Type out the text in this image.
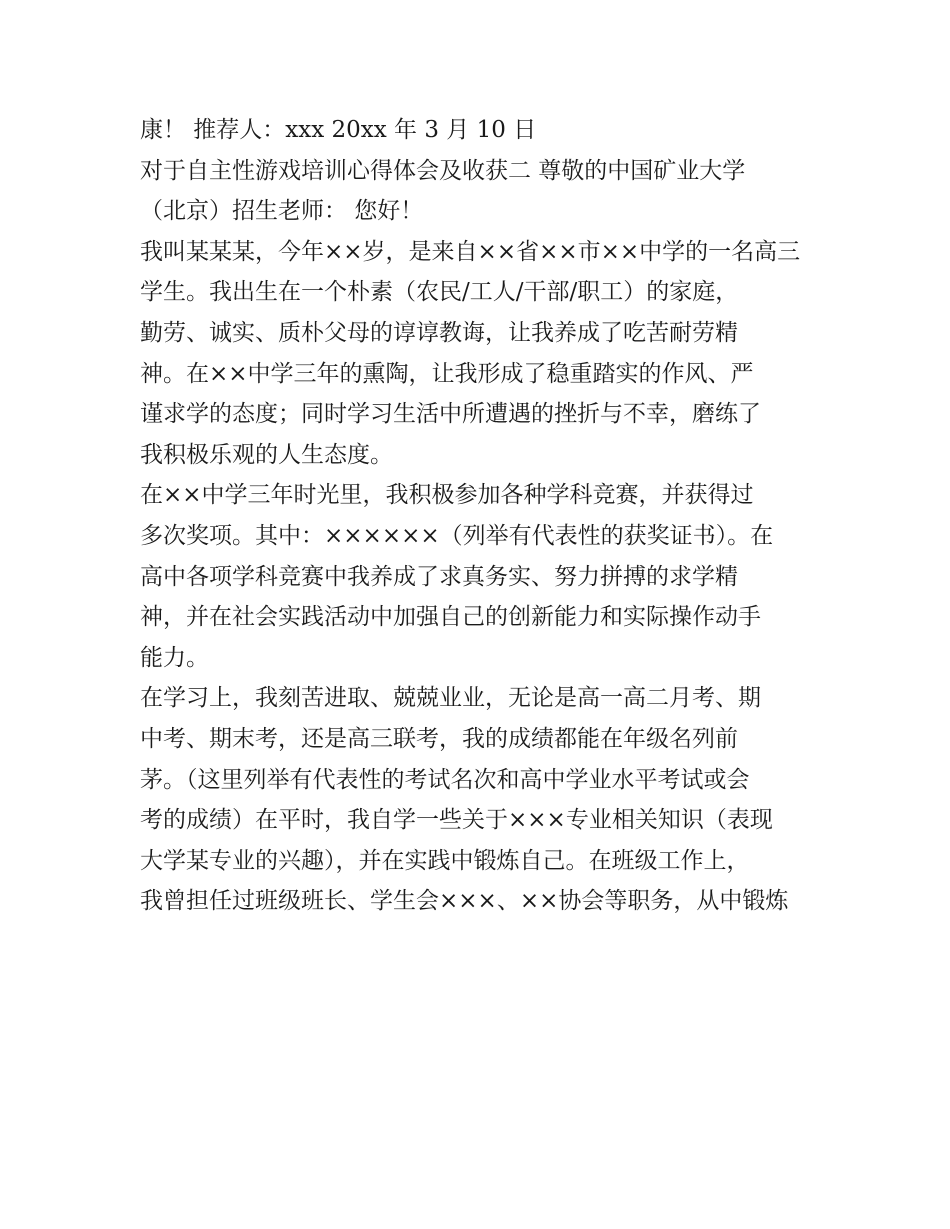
康！ 推荐人：xxx 20xx 年 3 月 10 日
对于自主性游戏培训心得体会及收获二 尊敬的中国矿业大学
（北京）招生老师： 您好！
我叫某某某，今年××岁，是来自××省××市××中学的一名高三
学生。我出生在一个朴素（农民/工人/干部/职工）的家庭，
勤劳、诚实、质朴父母的谆谆教诲，让我养成了吃苦耐劳精
神。在××中学三年的熏陶，让我形成了稳重踏实的作风、严
谨求学的态度；同时学习生活中所遭遇的挫折与不幸，磨练了
我积极乐观的人生态度。
在××中学三年时光里，我积极参加各种学科竞赛，并获得过
多次奖项。其中：××××××（列举有代表性的获奖证书）。在
高中各项学科竞赛中我养成了求真务实、努力拼搏的求学精
神，并在社会实践活动中加强自己的创新能力和实际操作动手
能力。
在学习上，我刻苦进取、兢兢业业，无论是高一高二月考、期
中考、期末考，还是高三联考，我的成绩都能在年级名列前
茅。（这里列举有代表性的考试名次和高中学业水平考试或会
考的成绩）在平时，我自学一些关于×××专业相关知识（表现
大学某专业的兴趣），并在实践中锻炼自己。在班级工作上，
我曾担任过班级班长、学生会×××、××协会等职务，从中锻炼
